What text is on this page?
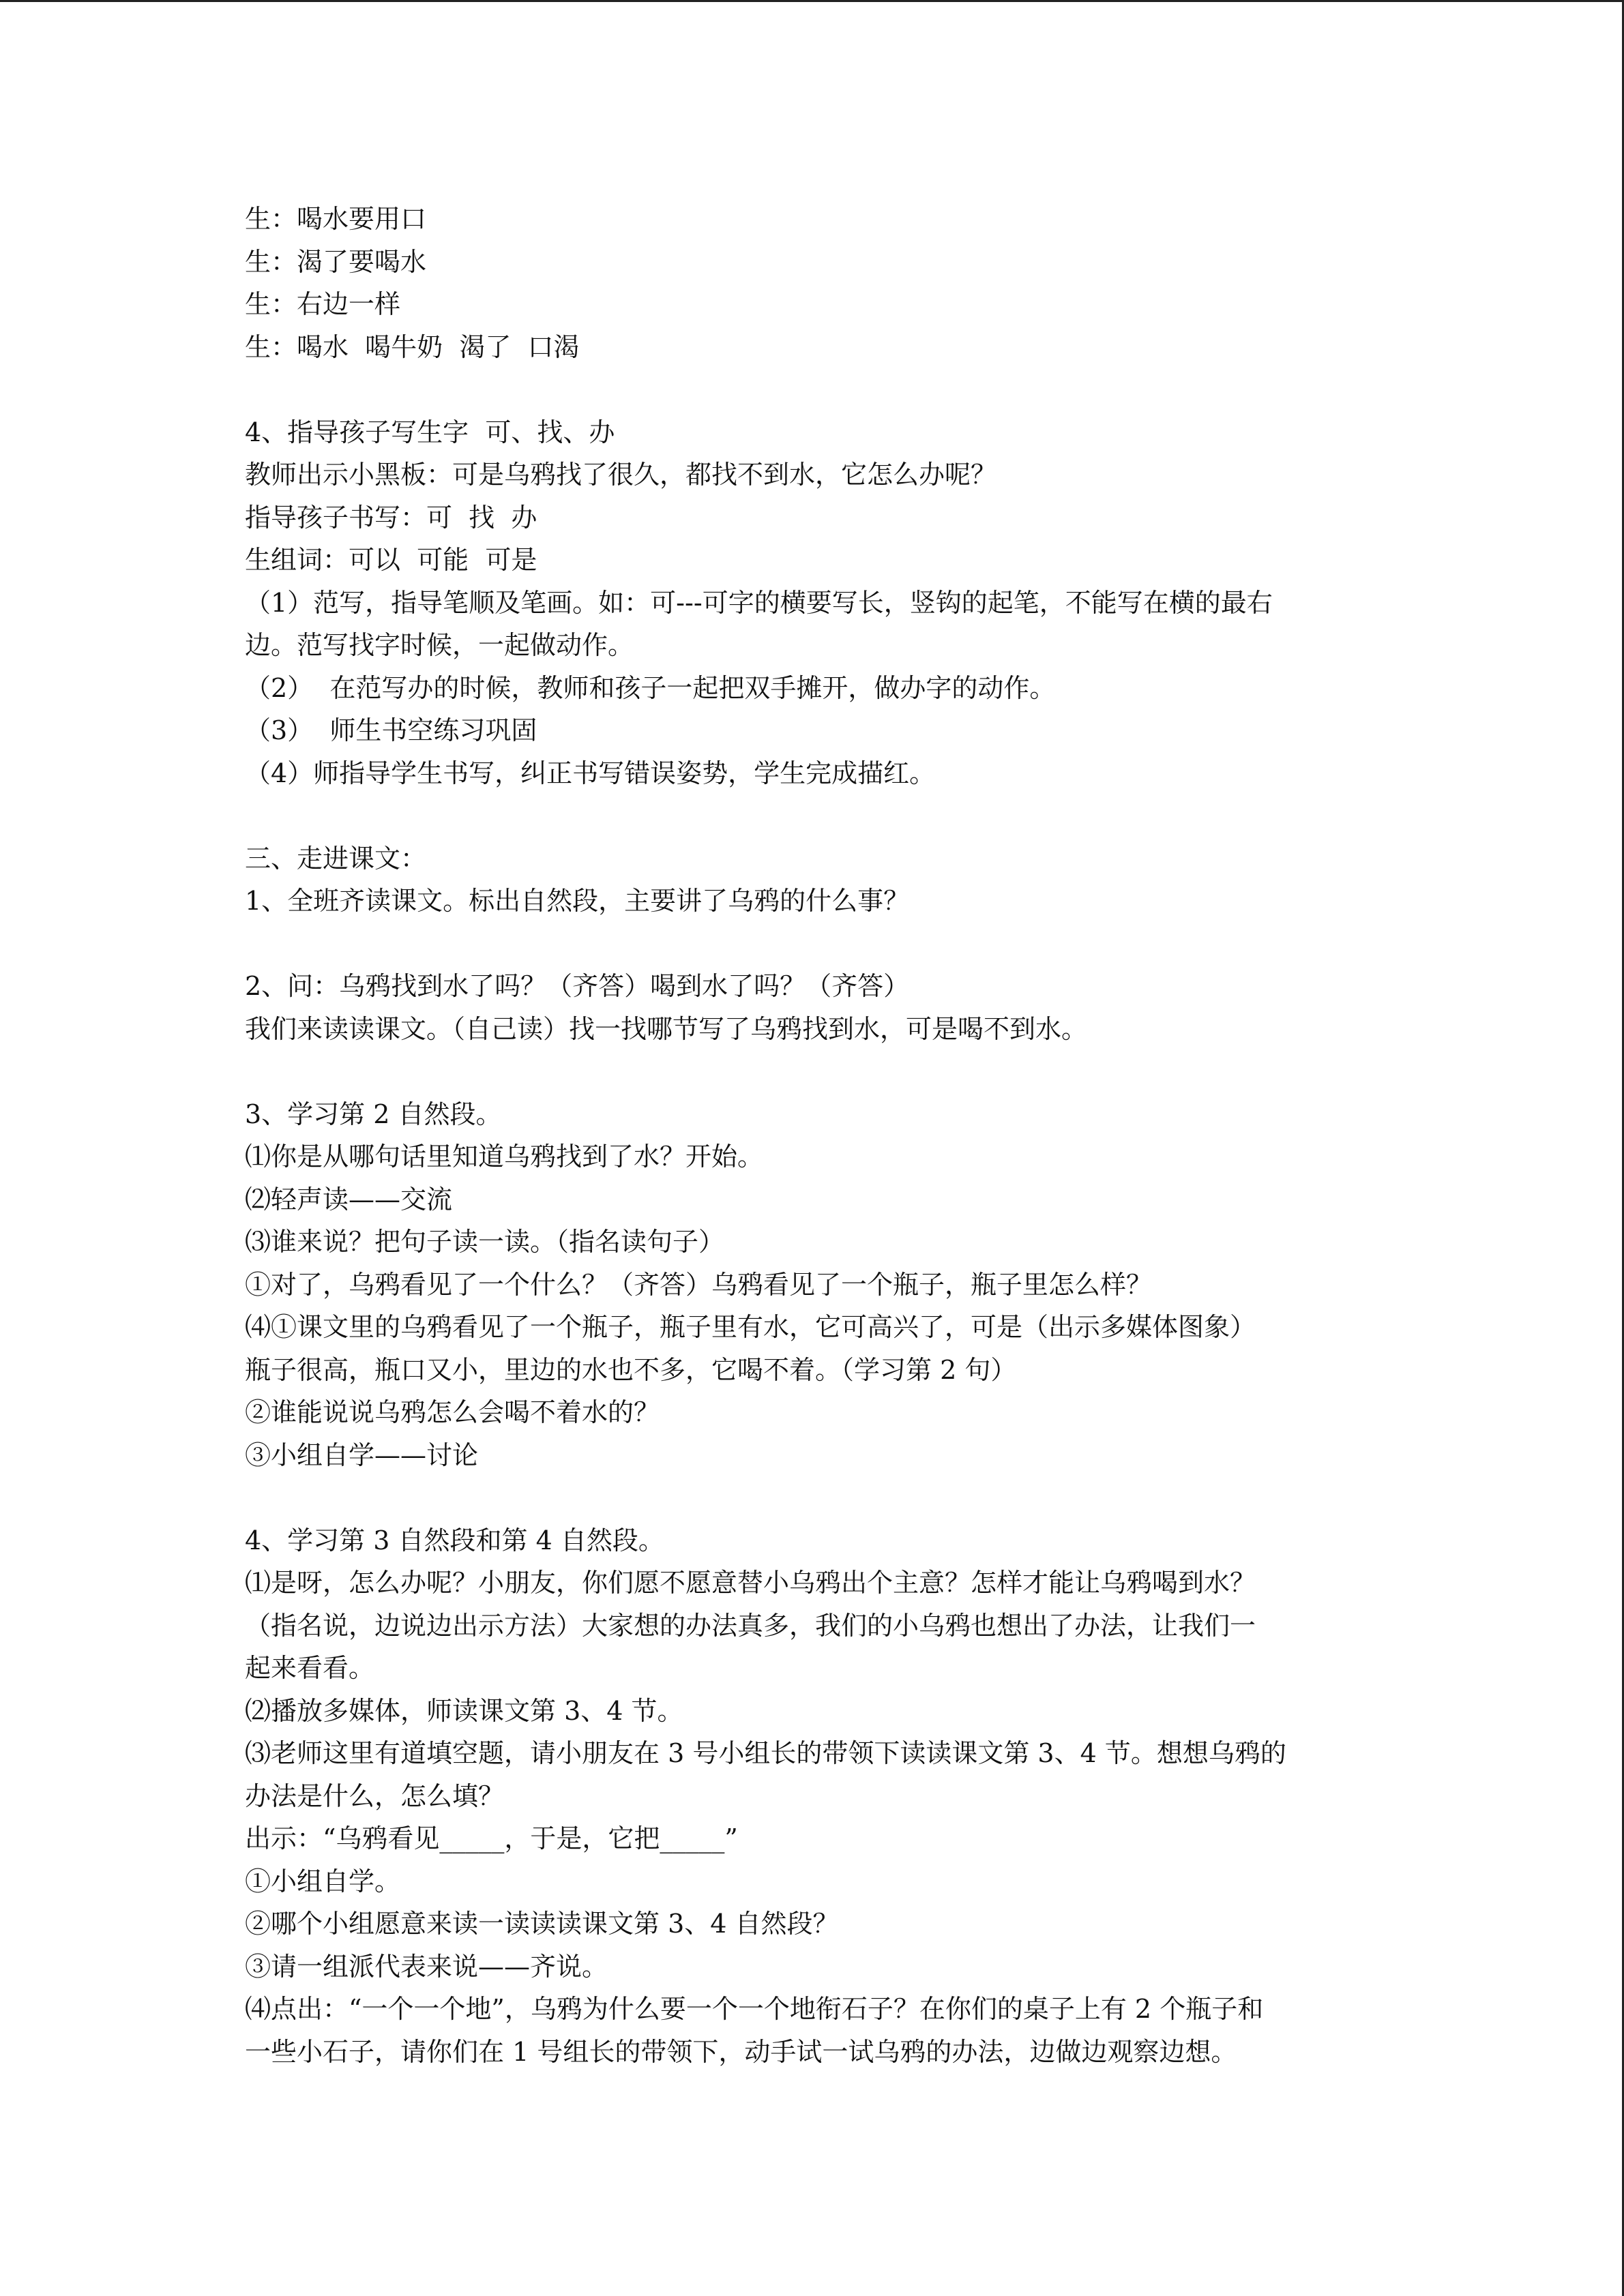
生：喝水要用口
生：渴了要喝水
生：右边一样
生：喝水  喝牛奶  渴了  口渴
4、指导孩子写生字  可、找、办
教师出示小黑板：可是乌鸦找了很久，都找不到水，它怎么办呢？
指导孩子书写：可  找  办
生组词：可以  可能  可是
（1）范写，指导笔顺及笔画。如：可---可字的横要写长，竖钩的起笔，不能写在横的最右
边。范写找字时候，一起做动作。
（2）  在范写办的时候，教师和孩子一起把双手摊开，做办字的动作。
（3）  师生书空练习巩固
（4）师指导学生书写，纠正书写错误姿势，学生完成描红。
三、走进课文：
1、全班齐读课文。标出自然段，主要讲了乌鸦的什么事？
2、问：乌鸦找到水了吗？（齐答）喝到水了吗？（齐答）
我们来读读课文。（自己读）找一找哪节写了乌鸦找到水，可是喝不到水。
3、学习第 2 自然段。
⑴你是从哪句话里知道乌鸦找到了水？开始。
⑵轻声读——交流
⑶谁来说？把句子读一读。（指名读句子）
①对了，乌鸦看见了一个什么？（齐答）乌鸦看见了一个瓶子，瓶子里怎么样？
⑷①课文里的乌鸦看见了一个瓶子，瓶子里有水，它可高兴了，可是（出示多媒体图象）
瓶子很高，瓶口又小，里边的水也不多，它喝不着。（学习第 2 句）
②谁能说说乌鸦怎么会喝不着水的？
③小组自学——讨论
4、学习第 3 自然段和第 4 自然段。
⑴是呀，怎么办呢？小朋友，你们愿不愿意替小乌鸦出个主意？怎样才能让乌鸦喝到水？
（指名说，边说边出示方法）大家想的办法真多，我们的小乌鸦也想出了办法，让我们一
起来看看。
⑵播放多媒体，师读课文第 3、4 节。
⑶老师这里有道填空题，请小朋友在 3 号小组长的带领下读读课文第 3、4 节。想想乌鸦的
办法是什么，怎么填？
出示：“乌鸦看见_____，于是，它把_____”
①小组自学。
②哪个小组愿意来读一读读读课文第 3、4 自然段？
③请一组派代表来说——齐说。
⑷点出：“一个一个地”，乌鸦为什么要一个一个地衔石子？在你们的桌子上有 2 个瓶子和
一些小石子，请你们在 1 号组长的带领下，动手试一试乌鸦的办法，边做边观察边想。
